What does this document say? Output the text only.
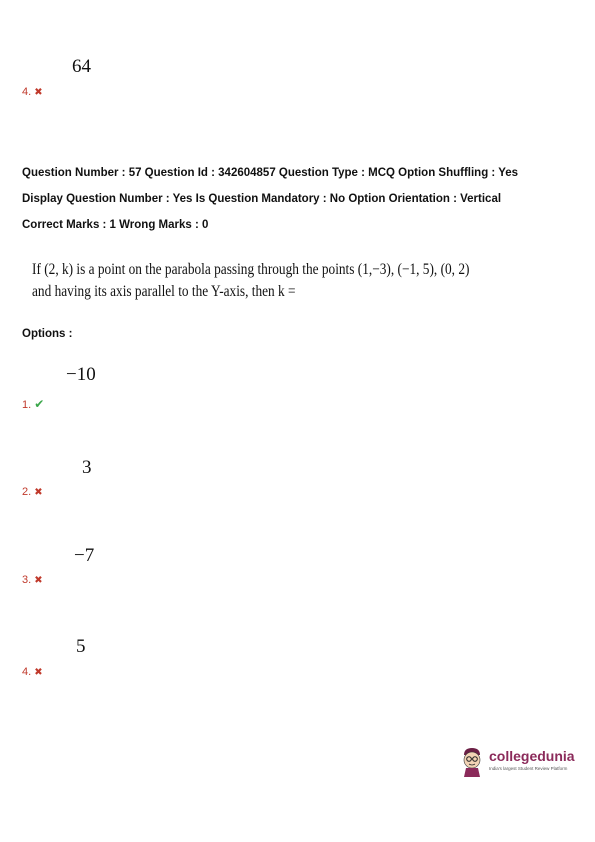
64
4. ✖
Question Number : 57 Question Id : 342604857 Question Type : MCQ Option Shuffling : Yes
Display Question Number : Yes Is Question Mandatory : No Option Orientation : Vertical
Correct Marks : 1 Wrong Marks : 0
If (2, k) is a point on the parabola passing through the points (1,−3), (−1, 5), (0, 2)
and having its axis parallel to the Y-axis, then k =
Options :
−10
1. ✔
3
2. ✖
−7
3. ✖
5
4. ✖
collegedunia
India's largest Student Review Platform
